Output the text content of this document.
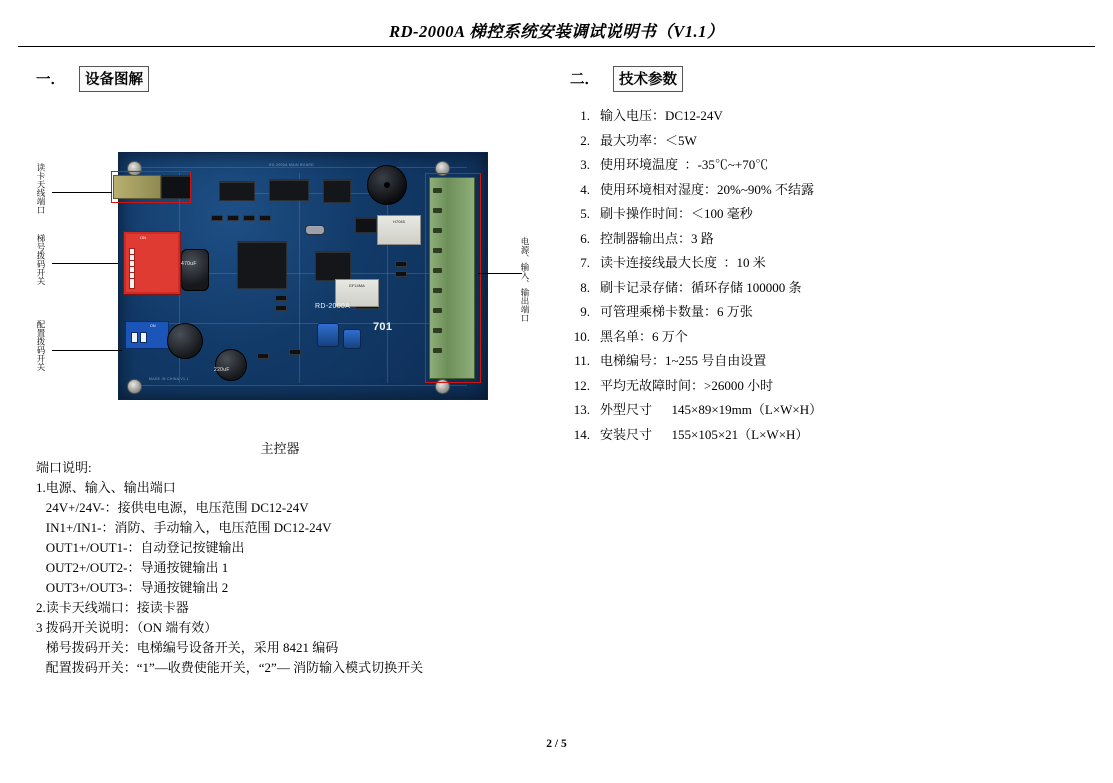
RD-2000A 梯控系统安装调试说明书（V1.1）
一． 设备图解	二． 技术参数
1. 输入电压：DC12-24V
2. 最大功率：＜5W
3. 使用环境温度  ：-35℃~+70℃
4. 使用环境相对湿度：20%~90% 不结露
5. 刷卡操作时间：＜100 毫秒
6. 控制器输出点：3 路
7. 读卡连接线最大长度  ：10 米
8. 刷卡记录存储：循环存储 100000 条
9. 可管理乘梯卡数量：6 万张
10. 黑名单：6 万个
11. 电梯编号：1~255 号自由设置
12. 平均无故障时间：>26000 小时
13. 外型尺寸      145×89×19mm（L×W×H）
14. 安装尺寸      155×105×21（L×W×H）
RD-2000A MAIN BOARD
MADE IN CHINA V1.1
ON
ON
220uF
470uF
H7045
EF14MA
701
RD-2000A
读卡天线端口
梯号拨码开关
配置拨码开关
电源、输入、输出端口
主控器
端口说明:
1.电源、输入、输出端口
24V+/24V-：接供电电源，电压范围 DC12-24V
IN1+/IN1-：消防、手动输入，电压范围 DC12-24V
OUT1+/OUT1-：自动登记按键输出
OUT2+/OUT2-：导通按键输出 1
OUT3+/OUT3-：导通按键输出 2
2.读卡天线端口：接读卡器
3 拨码开关说明：（ON 端有效）
梯号拨码开关：电梯编号设备开关，采用 8421 编码
配置拨码开关：“1”—收费使能开关，“2”— 消防输入模式切换开关
2 / 5
